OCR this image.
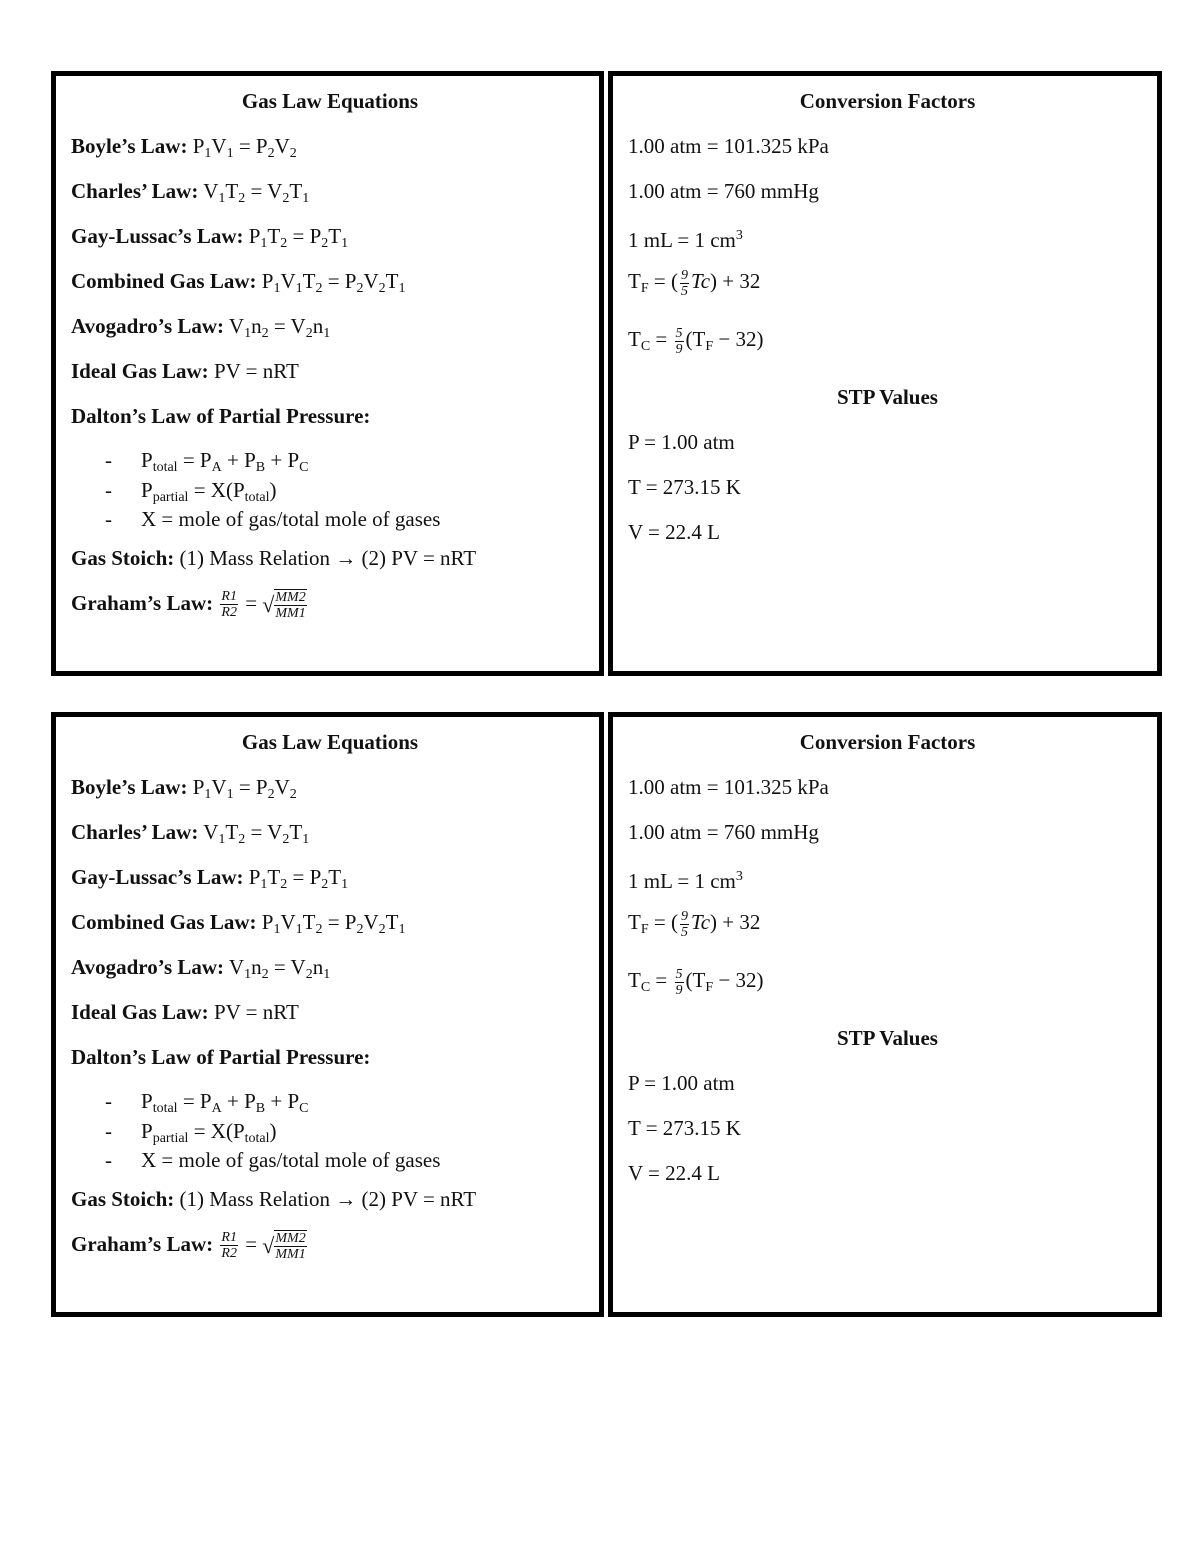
Gas Law Equations
Boyle’s Law: $P_1V_1 = P_2V_2$
Charles’ Law: $V_1T_2 = V_2T_1$
Gay-Lussac’s Law: $P_1T_2 = P_2T_1$
Combined Gas Law: $P_1V_1T_2 = P_2V_2T_1$
Avogadro’s Law: $V_1n_2 = V_2n_1$
Ideal Gas Law: PV = nRT
Dalton’s Law of Partial Pressure:
- $P_{total} = P_A + P_B + P_C$
- $P_{partial} = X(P_{total})$
- X = mole of gas/total mole of gases
Gas Stoich: (1) Mass Relation → (2) PV = nRT
Graham’s Law: $\frac{R1}{R2}$ = √ $\frac{MM2}{MM1}$
Conversion Factors
1.00 atm = 101.325 kPa
1.00 atm = 760 mmHg
1 mL = 1 $cm^3$
$T_F$ = ( $\frac{9}{5} Tc) + 32$
$T_C = \frac{5}{9} (T_F - 32)$
STP Values
P = 1.00 atm
T = 273.15 K
V = 22.4 L
Gas Law Equations
Boyle’s Law: $P_1V_1 = P_2V_2$
Charles’ Law: $V_1T_2 = V_2T_1$
Gay-Lussac’s Law: $P_1T_2 = P_2T_1$
Combined Gas Law: $P_1V_1T_2 = P_2V_2T_1$
Avogadro’s Law: $V_1n_2 = V_2n_1$
Ideal Gas Law: PV = nRT
Dalton’s Law of Partial Pressure:
- $P_{total} = P_A + P_B + P_C$
- $P_{partial} = X(P_{total})$
- X = mole of gas/total mole of gases
Gas Stoich: (1) Mass Relation → (2) PV = nRT
Graham’s Law: $\frac{R1}{R2}$ = √ $\frac{MM2}{MM1}$
Conversion Factors
1.00 atm = 101.325 kPa
1.00 atm = 760 mmHg
1 mL = 1 $cm^3$
$T_F$ = ( $\frac{9}{5} Tc) + 32$
$T_C = \frac{5}{9} (T_F - 32)$
STP Values
P = 1.00 atm
T = 273.15 K
V = 22.4 L
